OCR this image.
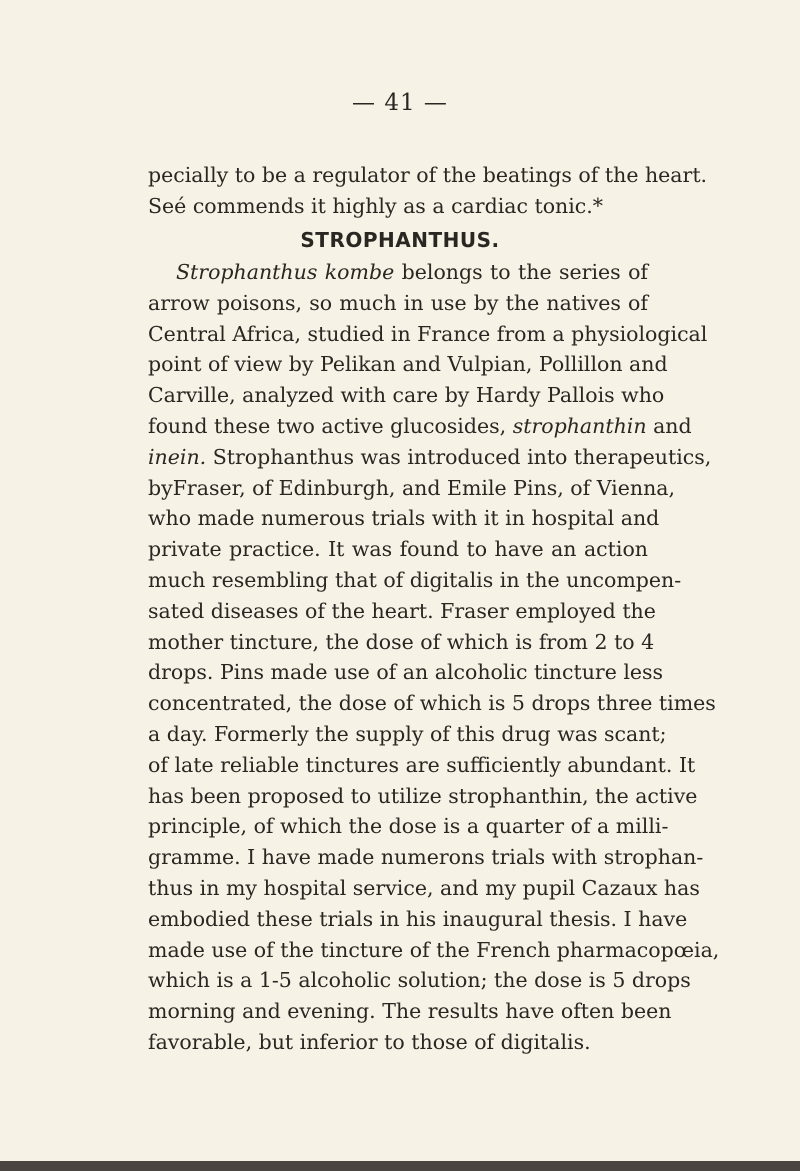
— 41 —
pecially to be a regulator of the beatings of the heart.
Seé commends it highly as a cardiac tonic.*
STROPHANTHUS.
Strophanthus kombe belongs to the series of
arrow poisons, so much in use by the natives of
Central Africa, studied in France from a physiological
point of view by Pelikan and Vulpian, Pollillon and
Carville, analyzed with care by Hardy Pallois who
found these two active glucosides, strophanthin and
inein. Strophanthus was introduced into therapeutics,
byFraser, of Edinburgh, and Emile Pins, of Vienna,
who made numerous trials with it in hospital and
private practice. It was found to have an action
much resembling that of digitalis in the uncompen-
sated diseases of the heart. Fraser employed the
mother tincture, the dose of which is from 2 to 4
drops. Pins made use of an alcoholic tincture less
concentrated, the dose of which is 5 drops three times
a day. Formerly the supply of this drug was scant;
of late reliable tinctures are sufficiently abundant. It
has been proposed to utilize strophanthin, the active
principle, of which the dose is a quarter of a milli-
gramme. I have made numerons trials with strophan-
thus in my hospital service, and my pupil Cazaux has
embodied these trials in his inaugural thesis. I have
made use of the tincture of the French pharmacopœia,
which is a 1-5 alcoholic solution; the dose is 5 drops
morning and evening. The results have often been
favorable, but inferior to those of digitalis.
